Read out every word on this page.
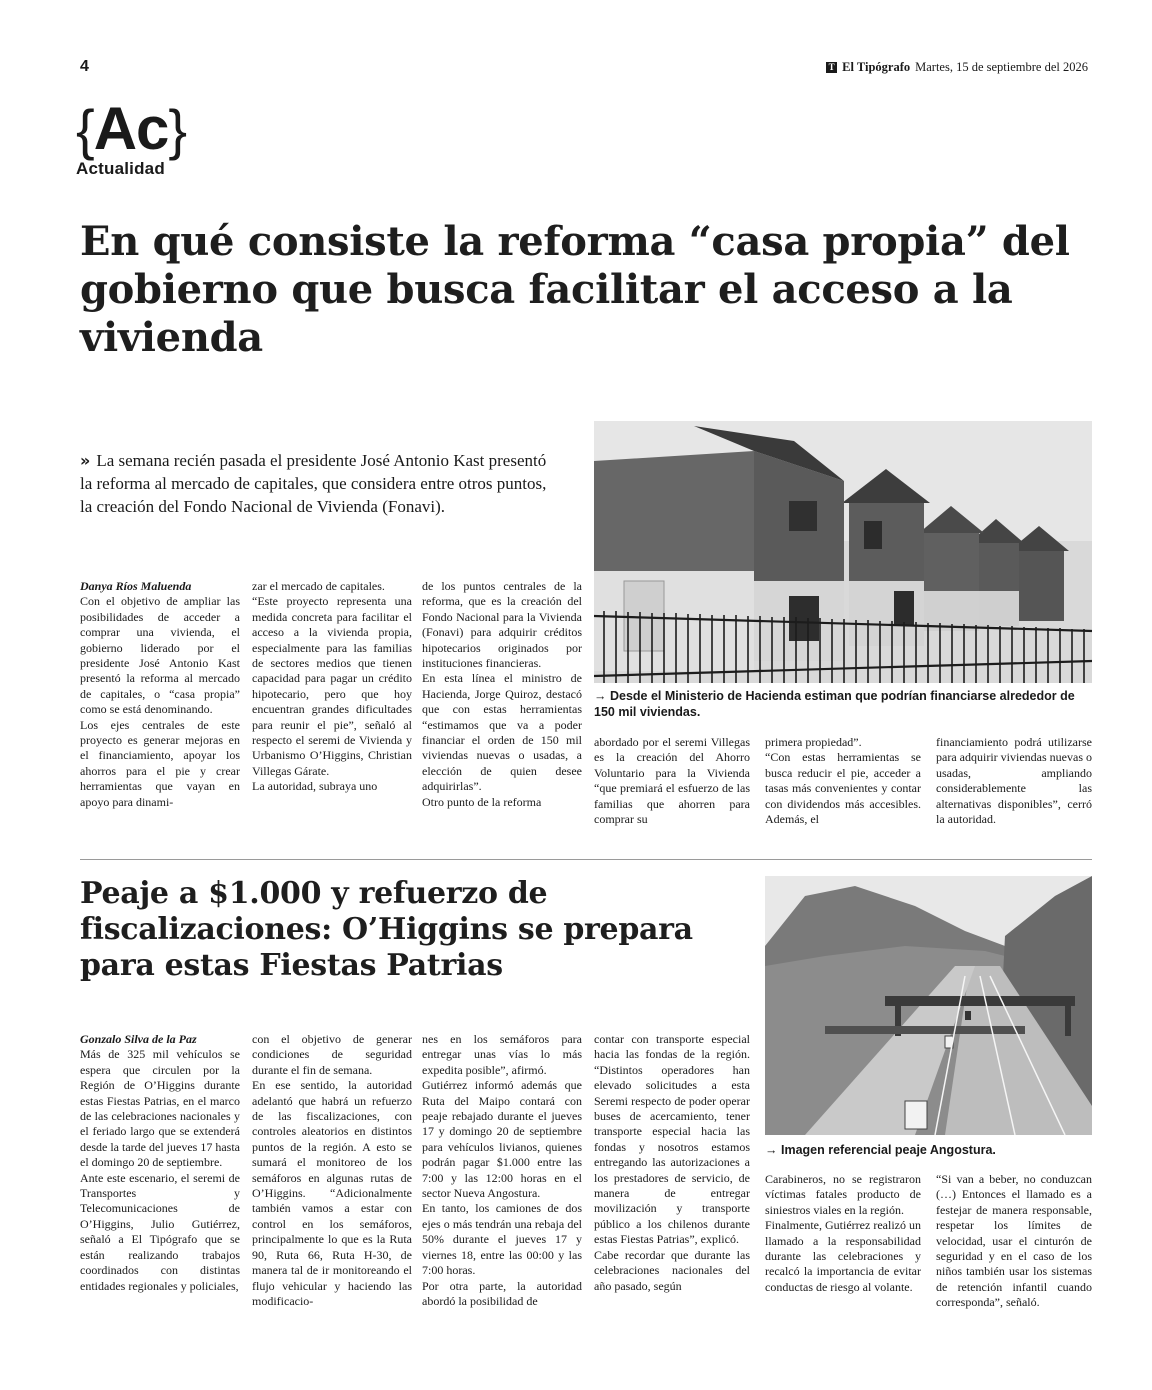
4	T El Tipógrafo Martes, 15 de septiembre del 2026
{Ac}
Actualidad
En qué consiste la reforma “casa propia” del gobierno que busca facilitar el acceso a la vivienda
» La semana recién pasada el presidente José Antonio Kast presentó la reforma al mercado de capitales, que considera entre otros puntos, la creación del Fondo Nacional de Vivienda (Fonavi).

Danya Ríos Maluenda

Con el objetivo de ampliar las posibilidades de acceder a comprar una vivienda, el gobierno liderado por el presidente José Antonio Kast presentó la reforma al mercado de capitales, o “casa propia” como se está denominando.

Los ejes centrales de este proyecto es generar mejoras en el financiamiento, apoyar los ahorros para el pie y crear herramientas que vayan en apoyo para dinami-

zar el mercado de capitales.

“Este proyecto representa una medida concreta para facilitar el acceso a la vivienda propia, especialmente para las familias de sectores medios que tienen capacidad para pagar un crédito hipotecario, pero que hoy encuentran grandes dificultades para reunir el pie”, señaló al respecto el seremi de Vivienda y Urbanismo O’Higgins, Christian Villegas Gárate.

La autoridad, subraya uno

de los puntos centrales de la reforma, que es la creación del Fondo Nacional para la Vivienda (Fonavi) para adquirir créditos hipotecarios originados por instituciones financieras.

En esta línea el ministro de Hacienda, Jorge Quiroz, destacó que con estas herramientas “estimamos que va a poder financiar el orden de 150 mil viviendas nuevas o usadas, a elección de quien desee adquirirlas”.

Otro punto de la reforma

→ Desde el Ministerio de Hacienda estiman que podrían financiarse alrededor de 150 mil viviendas.

abordado por el seremi Villegas es la creación del Ahorro Voluntario para la Vivienda “que premiará el esfuerzo de las familias que ahorren para comprar su

primera propiedad”.

“Con estas herramientas se busca reducir el pie, acceder a tasas más convenientes y contar con dividendos más accesibles. Además, el

financiamiento podrá utilizarse para adquirir viviendas nuevas o usadas, ampliando considerablemente las alternativas disponibles”, cerró la autoridad.

Peaje a $1.000 y refuerzo de fiscalizaciones: O’Higgins se prepara para estas Fiestas Patrias
→ Imagen referencial peaje Angostura.

Gonzalo Silva de la Paz

Más de 325 mil vehículos se espera que circulen por la Región de O’Higgins durante estas Fiestas Patrias, en el marco de las celebraciones nacionales y el feriado largo que se extenderá desde la tarde del jueves 17 hasta el domingo 20 de septiembre.

Ante este escenario, el seremi de Transportes y Telecomunicaciones de O’Higgins, Julio Gutiérrez, señaló a El Tipógrafo que se están realizando trabajos coordinados con distintas entidades regionales y policiales,

con el objetivo de generar condiciones de seguridad durante el fin de semana.

En ese sentido, la autoridad adelantó que habrá un refuerzo de las fiscalizaciones, con controles aleatorios en distintos puntos de la región. A esto se sumará el monitoreo de los semáforos en algunas rutas de O’Higgins. “Adicionalmente también vamos a estar con control en los semáforos, principalmente lo que es la Ruta 90, Ruta 66, Ruta H-30, de manera tal de ir monitoreando el flujo vehicular y haciendo las modificacio-

nes en los semáforos para entregar unas vías lo más expedita posible”, afirmó.

Gutiérrez informó además que Ruta del Maipo contará con peaje rebajado durante el jueves 17 y domingo 20 de septiembre para vehículos livianos, quienes podrán pagar $1.000 entre las 7:00 y las 12:00 horas en el sector Nueva Angostura.

En tanto, los camiones de dos ejes o más tendrán una rebaja del 50% durante el jueves 17 y viernes 18, entre las 00:00 y las 7:00 horas.

Por otra parte, la autoridad abordó la posibilidad de

contar con transporte especial hacia las fondas de la región. “Distintos operadores han elevado solicitudes a esta Seremi respecto de poder operar buses de acercamiento, tener transporte especial hacia las fondas y nosotros estamos entregando las autorizaciones a los prestadores de servicio, de manera de entregar movilización y transporte público a los chilenos durante estas Fiestas Patrias”, explicó.

Cabe recordar que durante las celebraciones nacionales del año pasado, según

Carabineros, no se registraron víctimas fatales producto de siniestros viales en la región.

Finalmente, Gutiérrez realizó un llamado a la responsabilidad durante las celebraciones y recalcó la importancia de evitar conductas de riesgo al volante.

“Si van a beber, no conduzcan (…) Entonces el llamado es a festejar de manera responsable, respetar los límites de velocidad, usar el cinturón de seguridad y en el caso de los niños también usar los sistemas de retención infantil cuando corresponda”, señaló.
